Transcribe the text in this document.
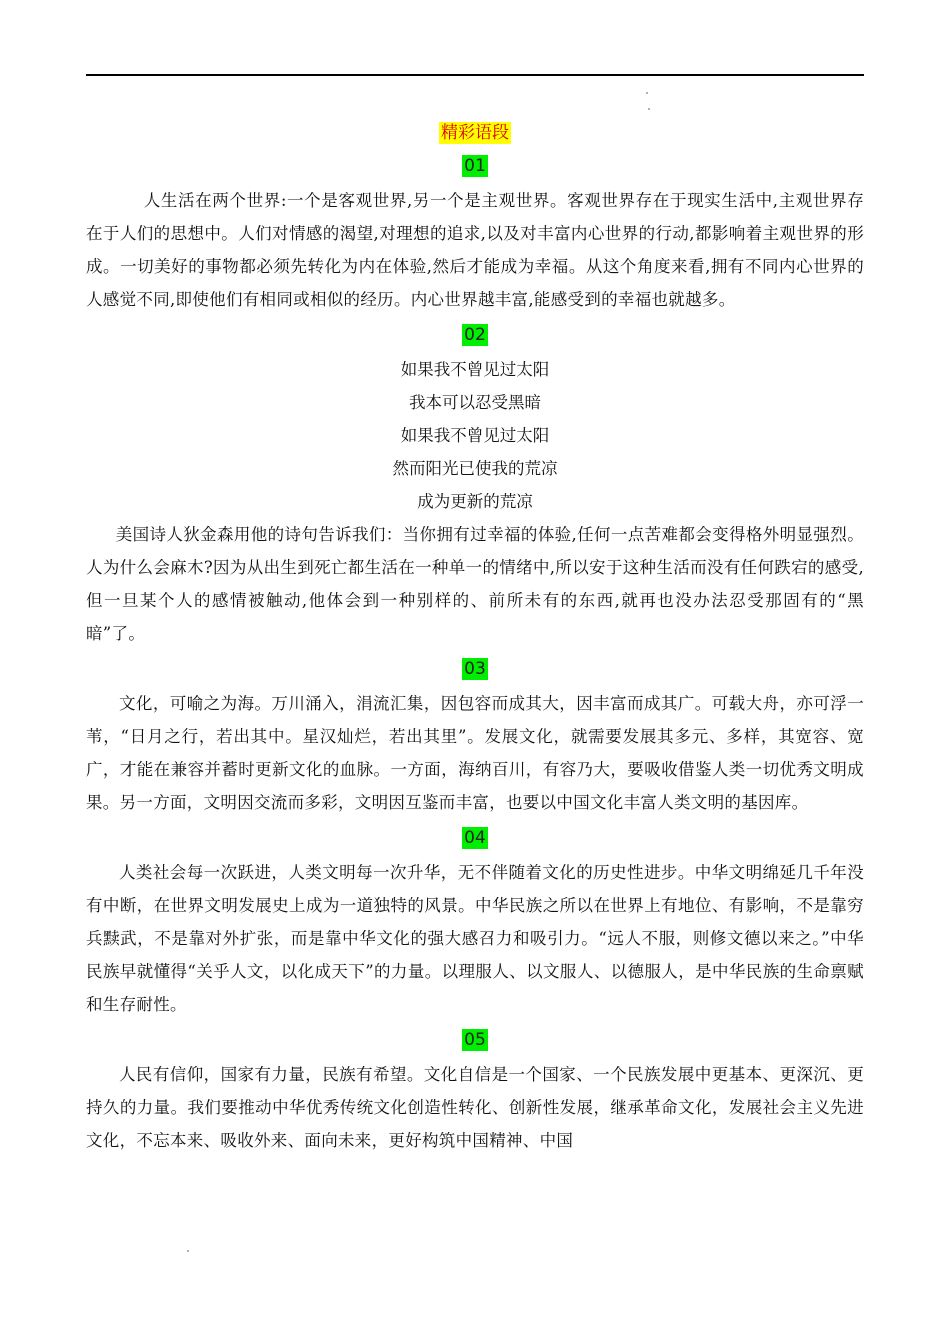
精彩语段
01

人生活在两个世界:一个是客观世界,另一个是主观世界。客观世界存在于现实生活中,主观世界存在于人们的思想中。人们对情感的渴望,对理想的追求,以及对丰富内心世界的行动,都影响着主观世界的形成。一切美好的事物都必须先转化为内在体验,然后才能成为幸福。从这个角度来看,拥有不同内心世界的人感觉不同,即使他们有相同或相似的经历。内心世界越丰富,能感受到的幸福也就越多。

02
如果我不曾见过太阳
我本可以忍受黑暗
如果我不曾见过太阳
然而阳光已使我的荒凉
成为更新的荒凉

美国诗人狄金森用他的诗句告诉我们：当你拥有过幸福的体验,任何一点苦难都会变得格外明显强烈。人为什么会麻木?因为从出生到死亡都生活在一种单一的情绪中,所以安于这种生活而没有任何跌宕的感受,但一旦某个人的感情被触动,他体会到一种别样的、前所未有的东西,就再也没办法忍受那固有的“黑暗”了。

03

文化，可喻之为海。万川涌入，涓流汇集，因包容而成其大，因丰富而成其广。可载大舟，亦可浮一苇，“日月之行，若出其中。星汉灿烂，若出其里”。发展文化，就需要发展其多元、多样，其宽容、宽广，才能在兼容并蓄时更新文化的血脉。一方面，海纳百川，有容乃大，要吸收借鉴人类一切优秀文明成果。另一方面，文明因交流而多彩，文明因互鉴而丰富，也要以中国文化丰富人类文明的基因库。

04

人类社会每一次跃进，人类文明每一次升华，无不伴随着文化的历史性进步。中华文明绵延几千年没有中断，在世界文明发展史上成为一道独特的风景。中华民族之所以在世界上有地位、有影响，不是靠穷兵黩武，不是靠对外扩张，而是靠中华文化的强大感召力和吸引力。“远人不服，则修文德以来之。”中华民族早就懂得“关乎人文，以化成天下”的力量。以理服人、以文服人、以德服人，是中华民族的生命禀赋和生存耐性。

05

人民有信仰，国家有力量，民族有希望。文化自信是一个国家、一个民族发展中更基本、更深沉、更持久的力量。我们要推动中华优秀传统文化创造性转化、创新性发展，继承革命文化，发展社会主义先进文化，不忘本来、吸收外来、面向未来，更好构筑中国精神、中国
